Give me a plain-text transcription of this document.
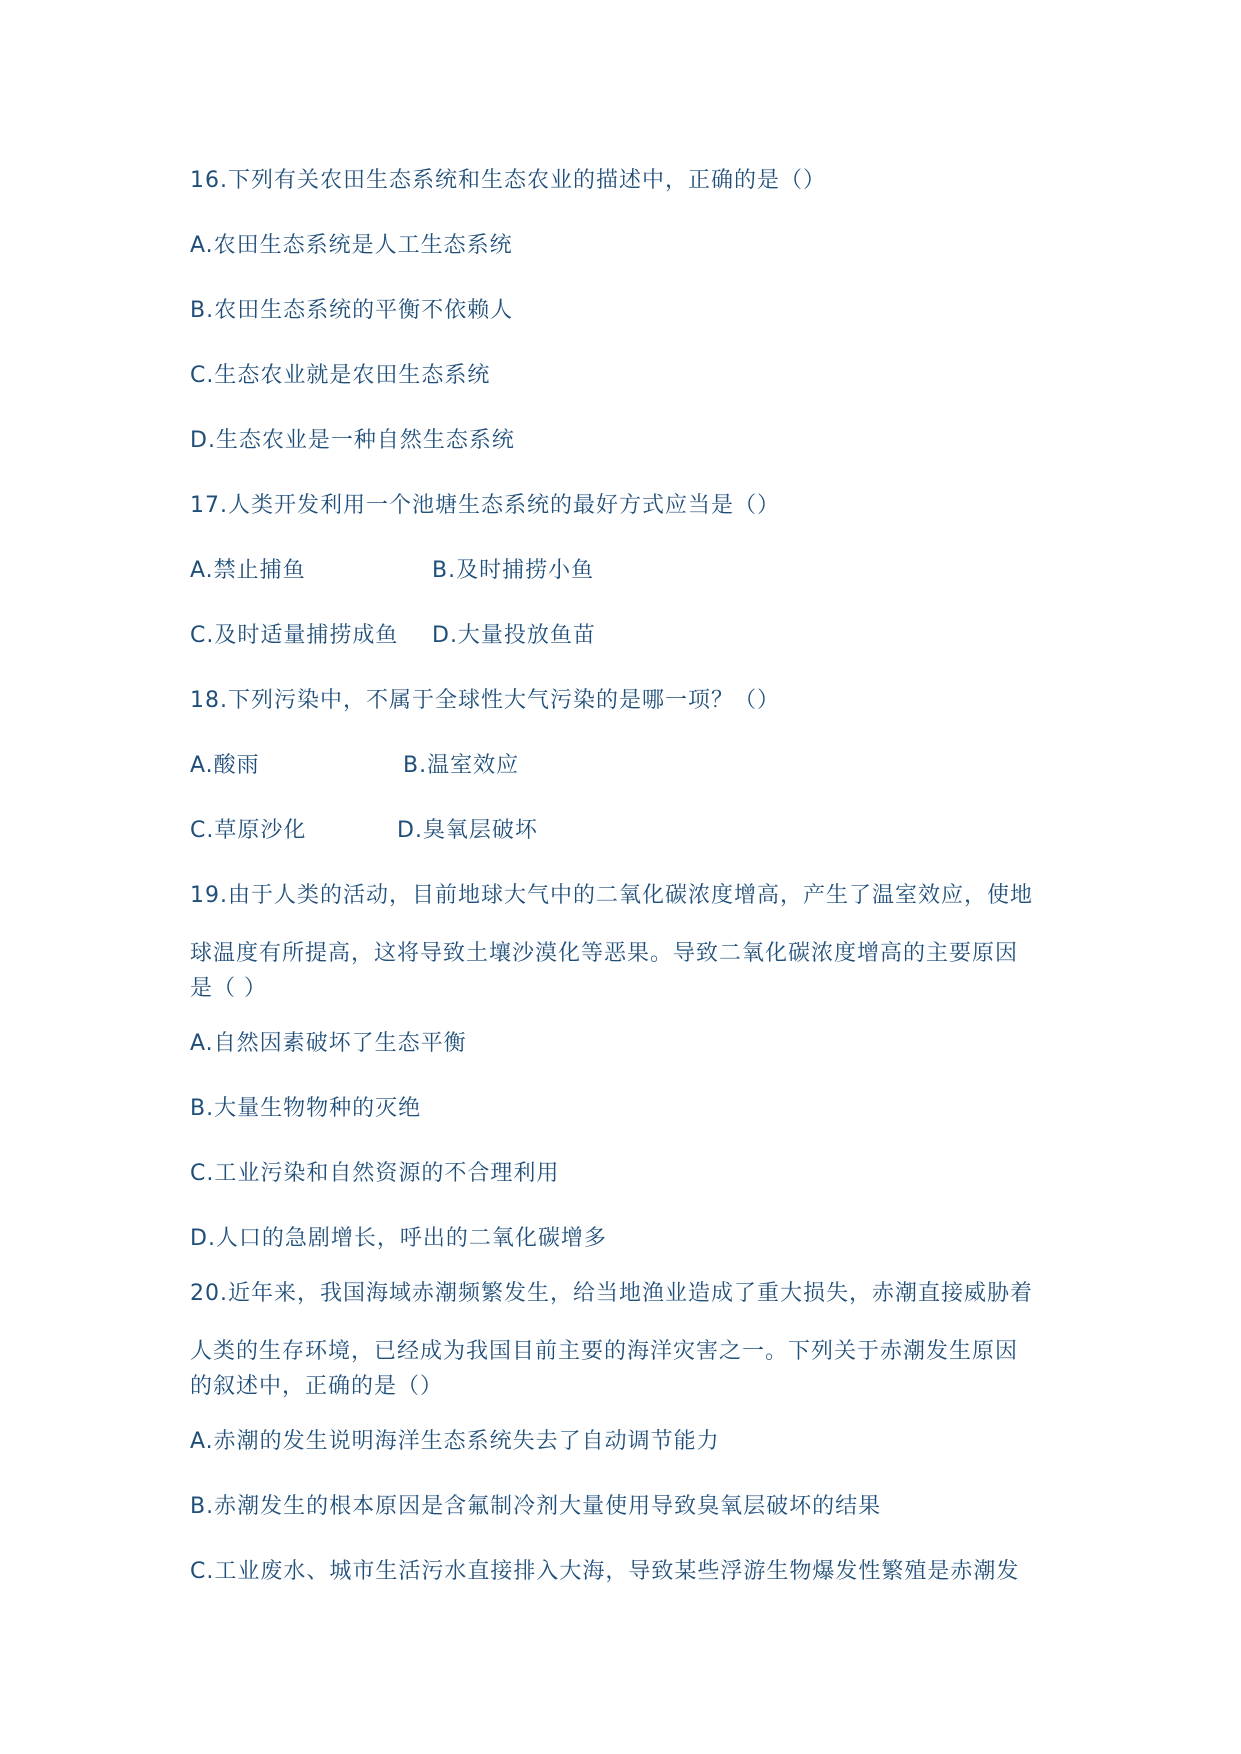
16.下列有关农田生态系统和生态农业的描述中，正确的是（）
A.农田生态系统是人工生态系统
B.农田生态系统的平衡不依赖人
C.生态农业就是农田生态系统
D.生态农业是一种自然生态系统
17.人类开发利用一个池塘生态系统的最好方式应当是（）
A.禁止捕鱼	B.及时捕捞小鱼
C.及时适量捕捞成鱼 D.大量投放鱼苗
18.下列污染中，不属于全球性大气污染的是哪一项？（）
A.酸雨	B.温室效应
C.草原沙化	D.臭氧层破坏
19.由于人类的活动，目前地球大气中的二氧化碳浓度增高，产生了温室效应，使地
球温度有所提高，这将导致土壤沙漠化等恶果。导致二氧化碳浓度增高的主要原因
是（ ）
A.自然因素破坏了生态平衡
B.大量生物物种的灭绝
C.工业污染和自然资源的不合理利用
D.人口的急剧增长，呼出的二氧化碳增多
20.近年来，我国海域赤潮频繁发生，给当地渔业造成了重大损失，赤潮直接威胁着
人类的生存环境，已经成为我国目前主要的海洋灾害之一。下列关于赤潮发生原因
的叙述中，正确的是（）
A.赤潮的发生说明海洋生态系统失去了自动调节能力
B.赤潮发生的根本原因是含氟制冷剂大量使用导致臭氧层破坏的结果
C.工业废水、城市生活污水直接排入大海，导致某些浮游生物爆发性繁殖是赤潮发
